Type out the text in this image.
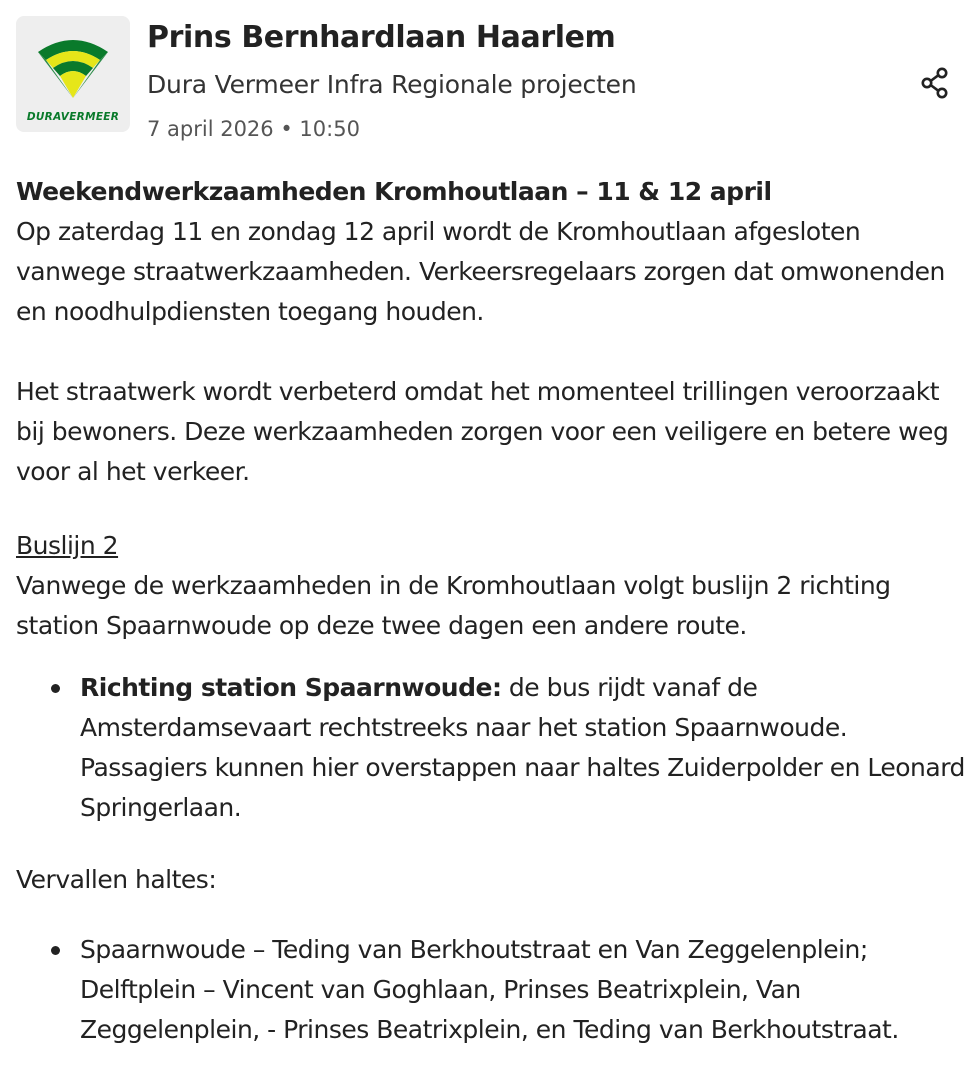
DURAVERMEER
Prins Bernhardlaan Haarlem
Dura Vermeer Infra Regionale projecten
7 april 2026 • 10:50

Weekendwerkzaamheden Kromhoutlaan – 11 & 12 april

Op zaterdag 11 en zondag 12 april wordt de Kromhoutlaan afgesloten vanwege straatwerkzaamheden. Verkeersregelaars zorgen dat omwonenden en noodhulpdiensten toegang houden.

Het straatwerk wordt verbeterd omdat het momenteel trillingen veroorzaakt bij bewoners. Deze werkzaamheden zorgen voor een veiligere en betere weg voor al het verkeer.

Buslijn 2

Vanwege de werkzaamheden in de Kromhoutlaan volgt buslijn 2 richting station Spaarnwoude op deze twee dagen een andere route.

Richting station Spaarnwoude: de bus rijdt vanaf de Amsterdamsevaart rechtstreeks naar het station Spaarnwoude. Passagiers kunnen hier overstappen naar haltes Zuiderpolder en Leonard Springerlaan.

Vervallen haltes:

Spaarnwoude – Teding van Berkhoutstraat en Van Zeggelenplein; Delftplein – Vincent van Goghlaan, Prinses Beatrixplein, Van Zeggelenplein, - Prinses Beatrixplein, en Teding van Berkhoutstraat.
